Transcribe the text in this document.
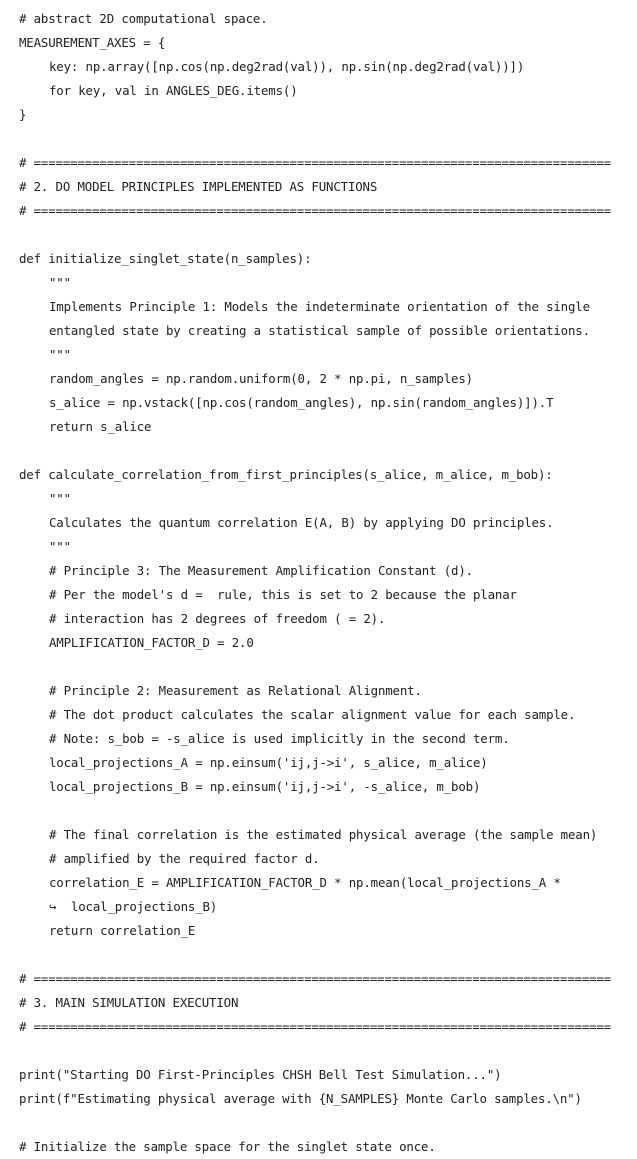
# abstract 2D computational space.
MEASUREMENT_AXES = {
key: np.array([np.cos(np.deg2rad(val)), np.sin(np.deg2rad(val))])
for key, val in ANGLES_DEG.items()
}

# ===============================================================================
# 2. DO MODEL PRINCIPLES IMPLEMENTED AS FUNCTIONS
# ===============================================================================

def initialize_singlet_state(n_samples):
"""
Implements Principle 1: Models the indeterminate orientation of the single
entangled state by creating a statistical sample of possible orientations.
"""
random_angles = np.random.uniform(0, 2 * np.pi, n_samples)
s_alice = np.vstack([np.cos(random_angles), np.sin(random_angles)]).T
return s_alice

def calculate_correlation_from_first_principles(s_alice, m_alice, m_bob):
"""
Calculates the quantum correlation E(A, B) by applying DO principles.
"""
# Principle 3: The Measurement Amplification Constant (d).
# Per the model's d =  rule, this is set to 2 because the planar
# interaction has 2 degrees of freedom ( = 2).
AMPLIFICATION_FACTOR_D = 2.0

# Principle 2: Measurement as Relational Alignment.
# The dot product calculates the scalar alignment value for each sample.
# Note: s_bob = -s_alice is used implicitly in the second term.
local_projections_A = np.einsum('ij,j->i', s_alice, m_alice)
local_projections_B = np.einsum('ij,j->i', -s_alice, m_bob)

# The final correlation is the estimated physical average (the sample mean)
# amplified by the required factor d.
correlation_E = AMPLIFICATION_FACTOR_D * np.mean(local_projections_A *
↪  local_projections_B)
return correlation_E

# ===============================================================================
# 3. MAIN SIMULATION EXECUTION
# ===============================================================================

print("Starting DO First-Principles CHSH Bell Test Simulation...")
print(f"Estimating physical average with {N_SAMPLES} Monte Carlo samples.\n")

# Initialize the sample space for the singlet state once.
